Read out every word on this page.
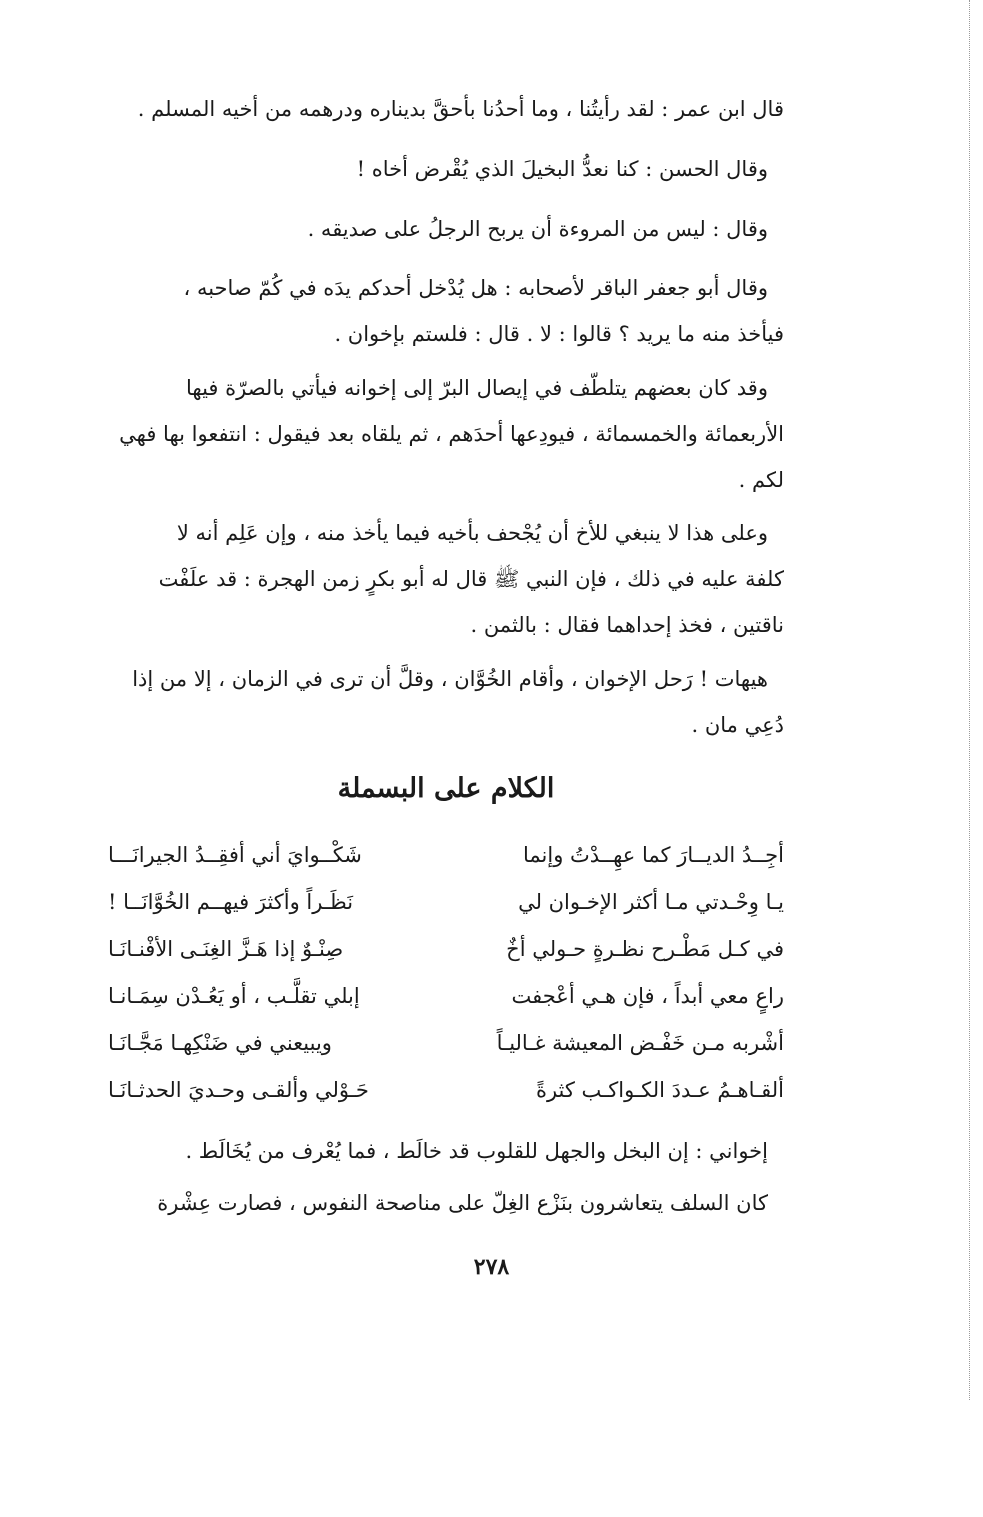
قال ابن عمر : لقد رأيتُنا ، وما أحدُنا بأحقَّ بديناره ودرهمه من أخيه المسلم .
وقال الحسن : كنا نعدُّ البخيلَ الذي يُقْرض أخاه !
وقال : ليس من المروءة أن يربح الرجلُ على صديقه .
وقال أبو جعفر الباقر لأصحابه : هل يُدْخل أحدكم يدَه في كُمّ صاحبه ،
فيأخذ منه ما يريد ؟ قالوا : لا . قال : فلستم بإخوان .
وقد كان بعضهم يتلطّف في إيصال البرّ إلى إخوانه فيأتي بالصرّة فيها
الأربعمائة والخمسمائة ، فيودِعها أحدَهم ، ثم يلقاه بعد فيقول : انتفعوا بها فهي
لكم .
وعلى هذا لا ينبغي للأخ أن يُجْحف بأخيه فيما يأخذ منه ، وإن عَلِم أنه لا
كلفة عليه في ذلك ، فإن النبي ﷺ قال له أبو بكرٍ زمن الهجرة : قد علَفْت
ناقتين ، فخذ إحداهما فقال : بالثمن .
هيهات ! رَحل الإخوان ، وأقام الخُوَّان ، وقلَّ أن ترى في الزمان ، إلا من إذا
دُعِي مان .
الكلام على البسملة
أجِــدُ الديــارَ كما عهِــدْتُ وإنما
شَكْــوايَ أني أفقِــدُ الجيرانَـــا
يـا وِحْـدتي مـا أكثر الإخـوان لي
نَظَـراً وأكثرَ فيهــم الخُوَّانَــا !
في كـل مَطْـرح نظـرةٍ حـولي أخٌ
صِنْـوٌ إذا هَـزَّ الغِنَـى الأفْنـانَـا
راعٍ معي أبداً ، فإن هـي أعْجفت
إبلي تقلَّـب ، أو يَعُـدْن سِمَـانـا
أشْربه مـن خَفْـض المعيشة غـاليـاً
ويبيعني في ضَنْكِهـا مَجَّـانَـا
ألقـاهـمُ عـددَ الكـواكـب كثرةً
حَـوْلي وألقـى وحـديَ الحدثـانَـا
إخواني : إن البخل والجهل للقلوب قد خالَط ، فما يُعْرف من يُخَالَط .
كان السلف يتعاشرون بنَزْع الغِلّ على مناصحة النفوس ، فصارت عِشْرة
٢٧٨
